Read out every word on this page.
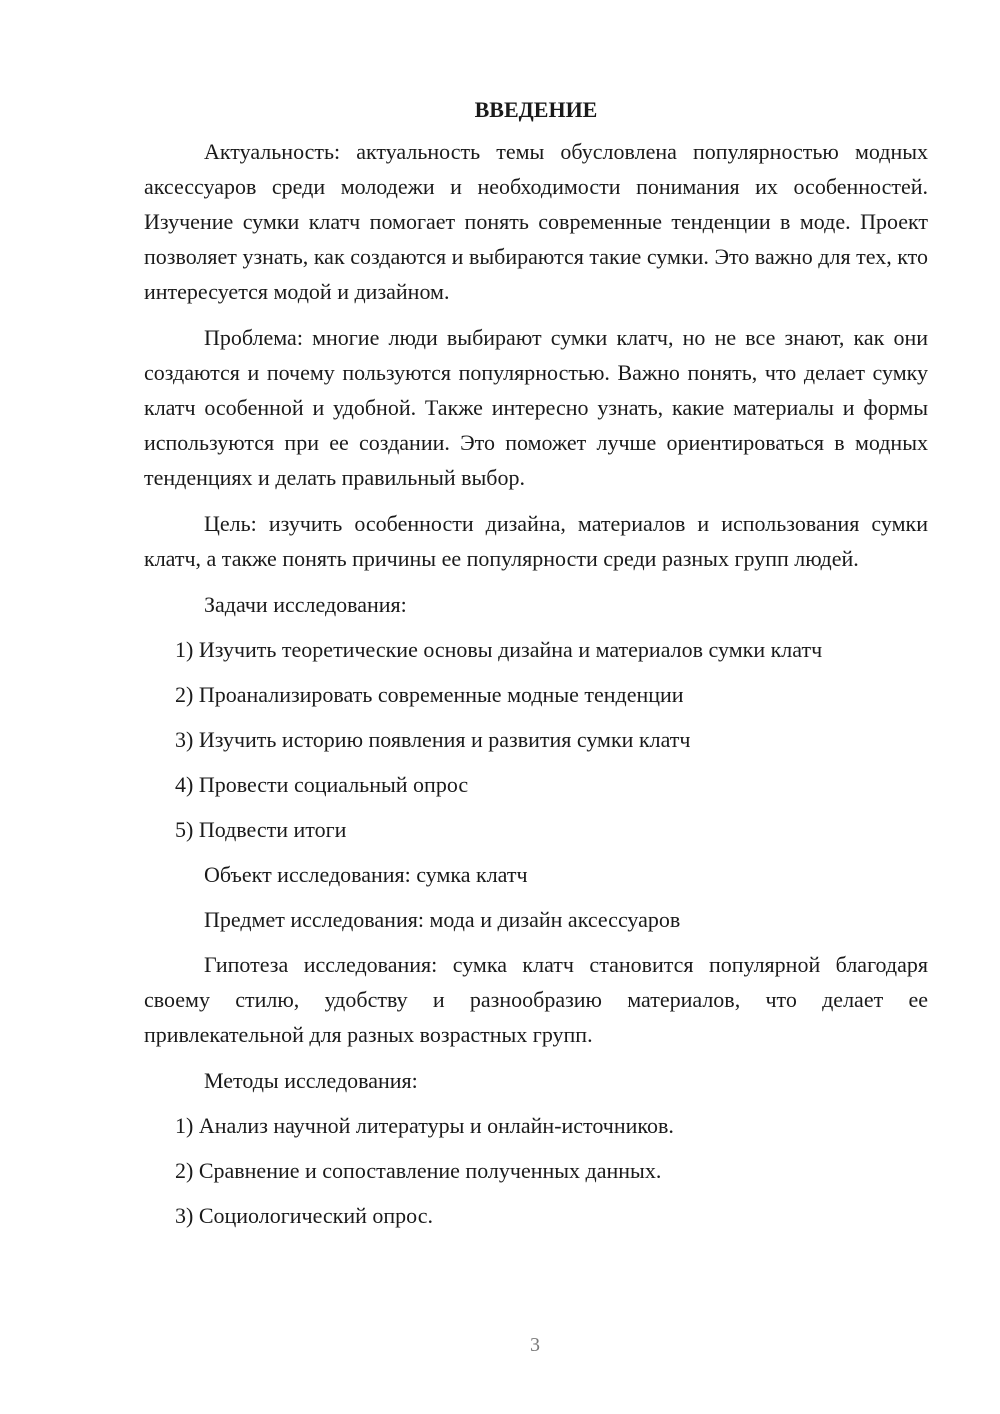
ВВЕДЕНИЕ

Актуальность: актуальность темы обусловлена популярностью модных аксессуаров среди молодежи и необходимости понимания их особенностей. Изучение сумки клатч помогает понять современные тенденции в моде. Проект позволяет узнать, как создаются и выбираются такие сумки. Это важно для тех, кто интересуется модой и дизайном.

Проблема: многие люди выбирают сумки клатч, но не все знают, как они создаются и почему пользуются популярностью. Важно понять, что делает сумку клатч особенной и удобной. Также интересно узнать, какие материалы и формы используются при ее создании. Это поможет лучше ориентироваться в модных тенденциях и делать правильный выбор.

Цель: изучить особенности дизайна, материалов и использования сумки клатч, а также понять причины ее популярности среди разных групп людей.

Задачи исследования:

1) Изучить теоретические основы дизайна и материалов сумки клатч

2) Проанализировать современные модные тенденции

3) Изучить историю появления и развития сумки клатч

4) Провести социальный опрос

5) Подвести итоги

Объект исследования: сумка клатч

Предмет исследования: мода и дизайн аксессуаров

Гипотеза исследования: сумка клатч становится популярной благодаря своему стилю, удобству и разнообразию материалов, что делает ее привлекательной для разных возрастных групп.

Методы исследования:

1) Анализ научной литературы и онлайн-источников.

2) Сравнение и сопоставление полученных данных.

3) Социологический опрос.

3
